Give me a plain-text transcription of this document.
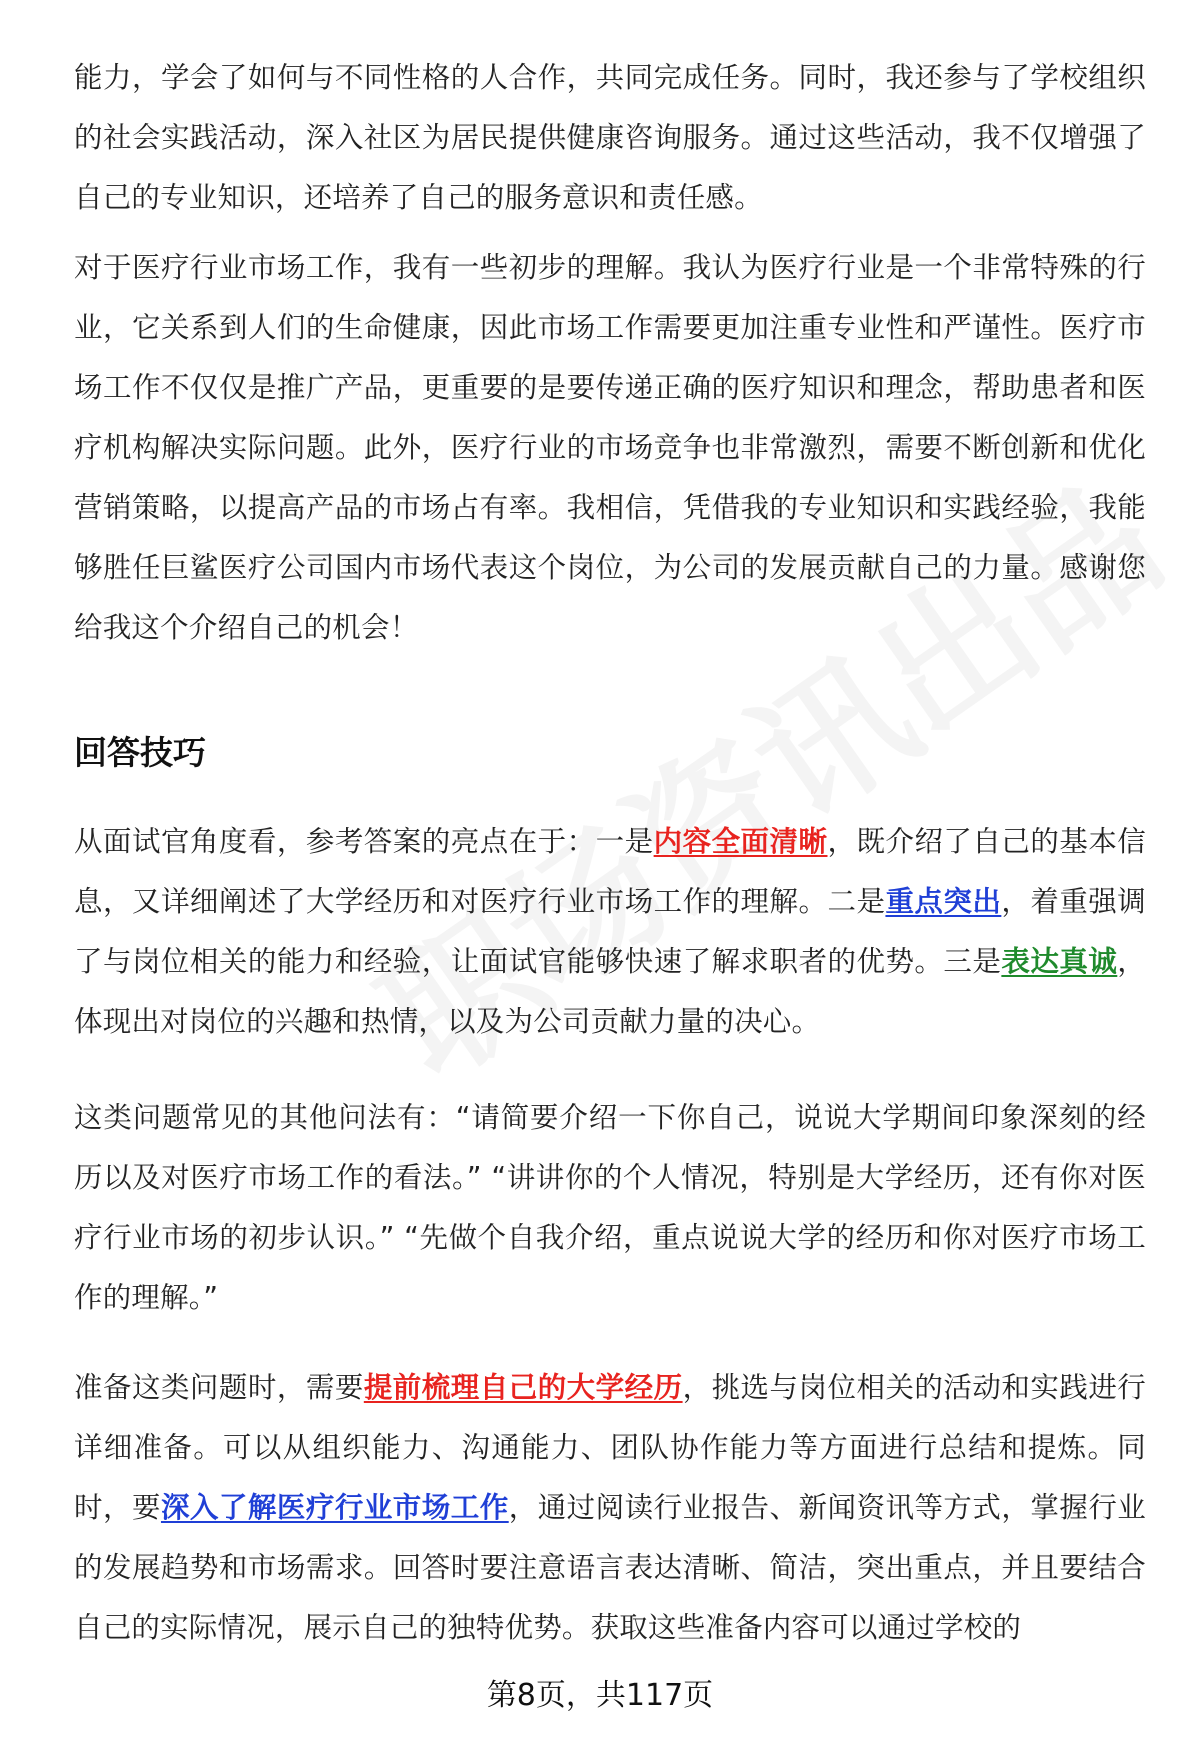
能力，学会了如何与不同性格的人合作，共同完成任务。同时，我还参与了学校组织的社会实践活动，深入社区为居民提供健康咨询服务。通过这些活动，我不仅增强了自己的专业知识，还培养了自己的服务意识和责任感。

对于医疗行业市场工作，我有一些初步的理解。我认为医疗行业是一个非常特殊的行业，它关系到人们的生命健康，因此市场工作需要更加注重专业性和严谨性。医疗市场工作不仅仅是推广产品，更重要的是要传递正确的医疗知识和理念，帮助患者和医疗机构解决实际问题。此外，医疗行业的市场竞争也非常激烈，需要不断创新和优化营销策略，以提高产品的市场占有率。我相信，凭借我的专业知识和实践经验，我能够胜任巨鲨医疗公司国内市场代表这个岗位，为公司的发展贡献自己的力量。感谢您给我这个介绍自己的机会！

回答技巧

从面试官角度看，参考答案的亮点在于：一是内容全面清晰，既介绍了自己的基本信息，又详细阐述了大学经历和对医疗行业市场工作的理解。二是重点突出，着重强调了与岗位相关的能力和经验，让面试官能够快速了解求职者的优势。三是表达真诚，体现出对岗位的兴趣和热情，以及为公司贡献力量的决心。

这类问题常见的其他问法有：“请简要介绍一下你自己，说说大学期间印象深刻的经历以及对医疗市场工作的看法。” “讲讲你的个人情况，特别是大学经历，还有你对医疗行业市场的初步认识。” “先做个自我介绍，重点说说大学的经历和你对医疗市场工作的理解。”

准备这类问题时，需要提前梳理自己的大学经历，挑选与岗位相关的活动和实践进行详细准备。可以从组织能力、沟通能力、团队协作能力等方面进行总结和提炼。同时，要深入了解医疗行业市场工作，通过阅读行业报告、新闻资讯等方式，掌握行业的发展趋势和市场需求。回答时要注意语言表达清晰、简洁，突出重点，并且要结合自己的实际情况，展示自己的独特优势。获取这些准备内容可以通过学校的

第8页，共117页
